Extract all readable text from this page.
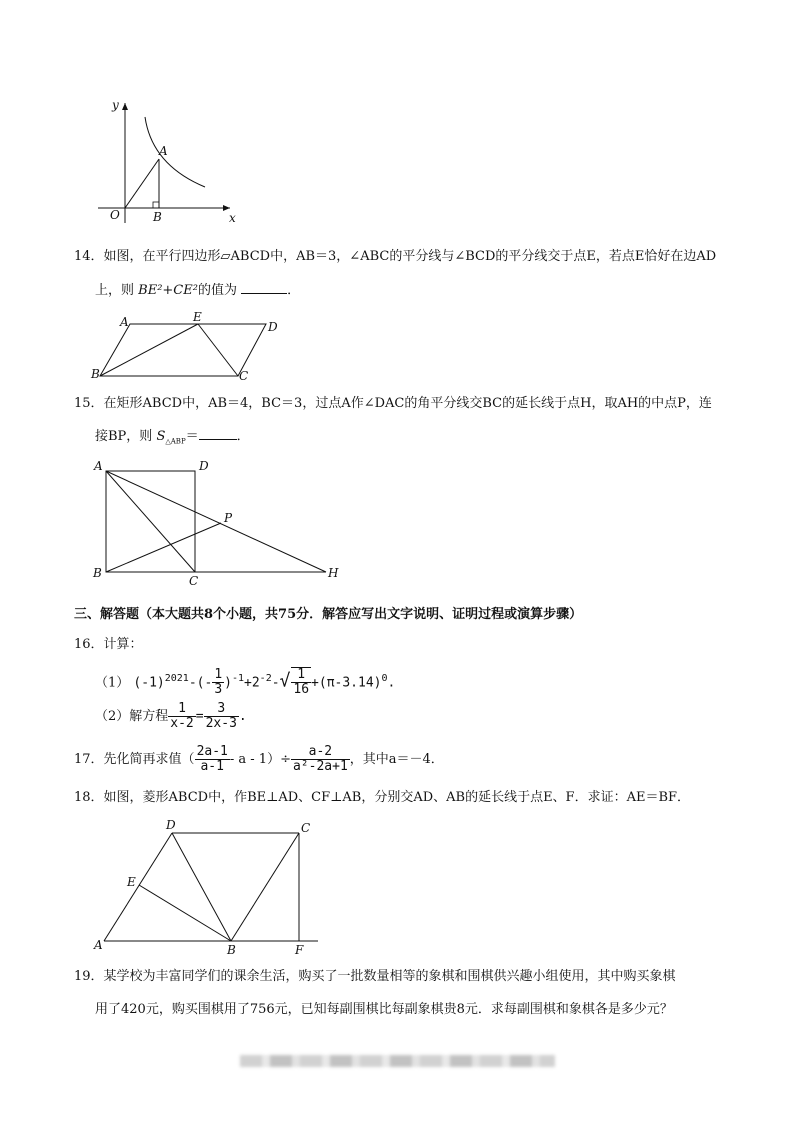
y
x
O
A
B
14．如图，在平行四边形▱ABCD中，AB＝3，∠ABC的平分线与∠BCD的平分线交于点E，若点E恰好在边AD
上，则 BE²+CE²的值为	．
A	E
D
B	C
15．在矩形ABCD中，AB＝4，BC＝3，过点A作∠DAC的角平分线交BC的延长线于点H，取AH的中点P，连
接BP，则 $S_{\triangle ABP}=$	．
A	D
P
B
C
H
三、解答题（本大题共8个小题，共75分．解答应写出文字说明、证明过程或演算步骤）
16．计算：
（1） $(-1)^{2021}-(- \frac{1}{3} )^{-1}+2^{-2}-√ \frac{1}{16} +(\pi-3.14)^0$.
（2）解方程 $\frac{1}{x-2} = \frac{3}{2x-3}$ .
17．先化简再求值（ $\frac{2a-1}{a-1} - a - 1)\div \frac{a-2}{\text{a²-2a+1}}$ ，其中a＝－4．
18．如图，菱形ABCD中，作BE⊥AD、CF⊥AB，分别交AD、AB的延长线于点E、F．求证：AE＝BF．
D	C
E
A	B	F
19．某学校为丰富同学们的课余生活，购买了一批数量相等的象棋和围棋供兴趣小组使用，其中购买象棋
用了420元，购买围棋用了756元，已知每副围棋比每副象棋贵8元．求每副围棋和象棋各是多少元？
